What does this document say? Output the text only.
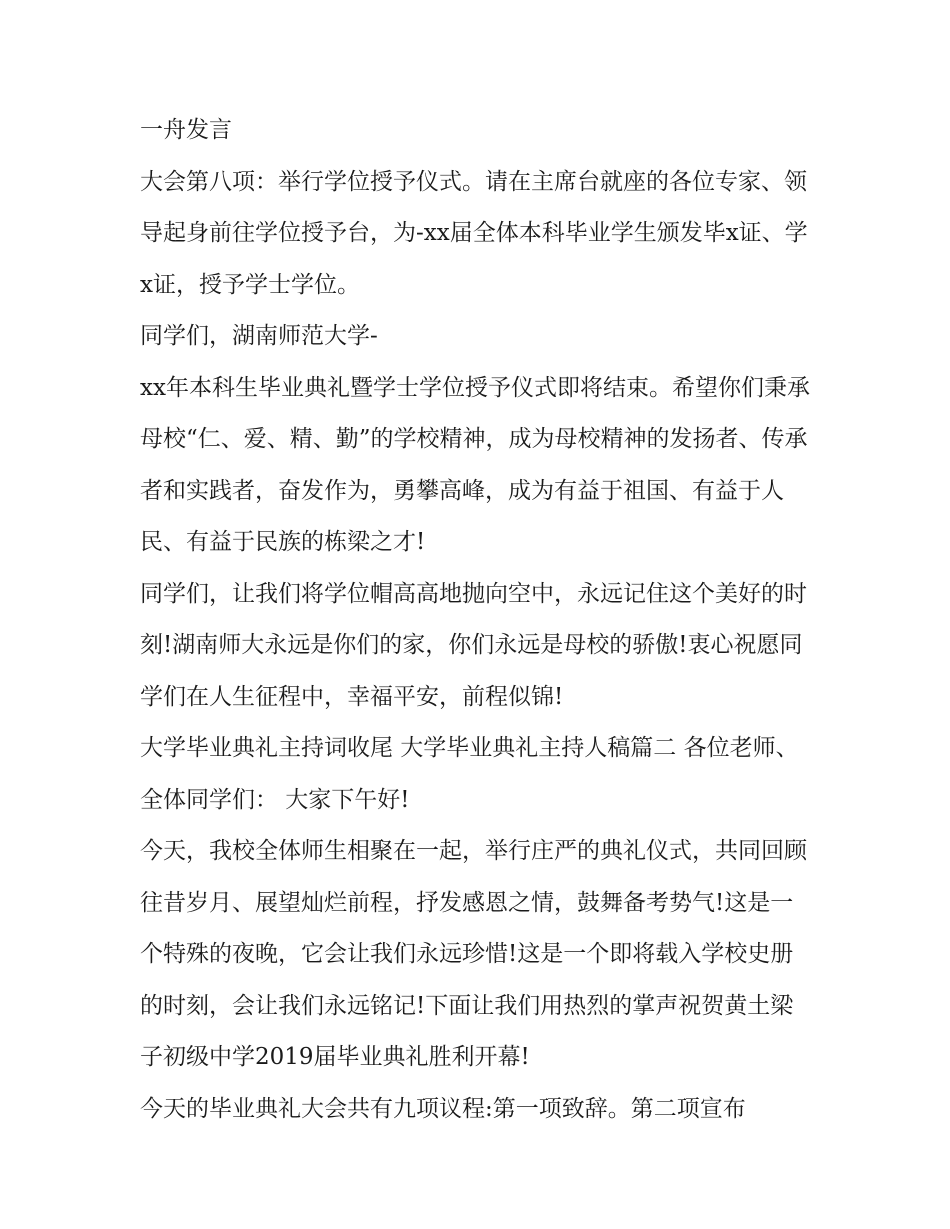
一舟发言

大会第八项：举行学位授予仪式。请在主席台就座的各位专家、领导起身前往学位授予台，为-xx届全体本科毕业学生颁发毕x证、学x证，授予学士学位。

同学们，湖南师范大学-

xx年本科生毕业典礼暨学士学位授予仪式即将结束。希望你们秉承母校“仁、爱、精、勤”的学校精神，成为母校精神的发扬者、传承者和实践者，奋发作为，勇攀高峰，成为有益于祖国、有益于人民、有益于民族的栋梁之才!

同学们，让我们将学位帽高高地抛向空中，永远记住这个美好的时刻!湖南师大永远是你们的家，你们永远是母校的骄傲!衷心祝愿同学们在人生征程中，幸福平安，前程似锦!

大学毕业典礼主持词收尾 大学毕业典礼主持人稿篇二 各位老师、全体同学们： 大家下午好!

今天，我校全体师生相聚在一起，举行庄严的典礼仪式，共同回顾往昔岁月、展望灿烂前程，抒发感恩之情，鼓舞备考势气!这是一个特殊的夜晚，它会让我们永远珍惜!这是一个即将载入学校史册的时刻，会让我们永远铭记!下面让我们用热烈的掌声祝贺黄土梁子初级中学2019届毕业典礼胜利开幕!

今天的毕业典礼大会共有九项议程:第一项致辞。第二项宣布
